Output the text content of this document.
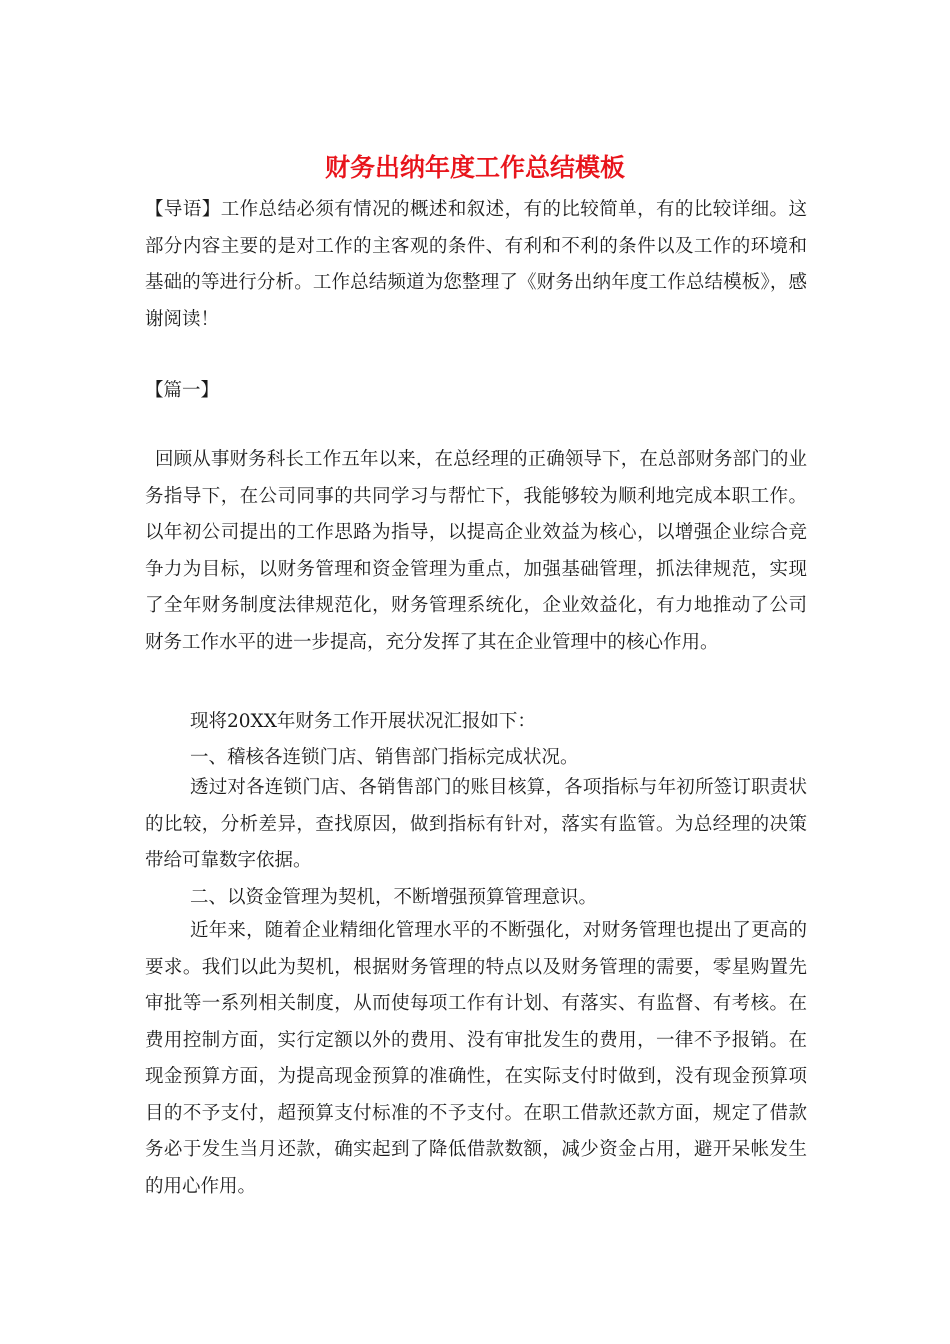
财务出纳年度工作总结模板

【导语】工作总结必须有情况的概述和叙述，有的比较简单，有的比较详细。这部分内容主要的是对工作的主客观的条件、有利和不利的条件以及工作的环境和基础的等进行分析。工作总结频道为您整理了《财务出纳年度工作总结模板》，感谢阅读！

【篇一】

回顾从事财务科长工作五年以来，在总经理的正确领导下，在总部财务部门的业务指导下，在公司同事的共同学习与帮忙下，我能够较为顺利地完成本职工作。以年初公司提出的工作思路为指导，以提高企业效益为核心，以增强企业综合竞争力为目标，以财务管理和资金管理为重点，加强基础管理，抓法律规范，实现了全年财务制度法律规范化，财务管理系统化，企业效益化，有力地推动了公司财务工作水平的进一步提高，充分发挥了其在企业管理中的核心作用。

现将20XX年财务工作开展状况汇报如下：

一、稽核各连锁门店、销售部门指标完成状况。

透过对各连锁门店、各销售部门的账目核算，各项指标与年初所签订职责状的比较，分析差异，查找原因，做到指标有针对，落实有监管。为总经理的决策带给可靠数字依据。

二、以资金管理为契机，不断增强预算管理意识。

近年来，随着企业精细化管理水平的不断强化，对财务管理也提出了更高的要求。我们以此为契机，根据财务管理的特点以及财务管理的需要，零星购置先审批等一系列相关制度，从而使每项工作有计划、有落实、有监督、有考核。在费用控制方面，实行定额以外的费用、没有审批发生的费用，一律不予报销。在现金预算方面，为提高现金预算的准确性，在实际支付时做到，没有现金预算项目的不予支付，超预算支付标准的不予支付。在职工借款还款方面，规定了借款务必于发生当月还款，确实起到了降低借款数额，减少资金占用，避开呆帐发生的用心作用。
